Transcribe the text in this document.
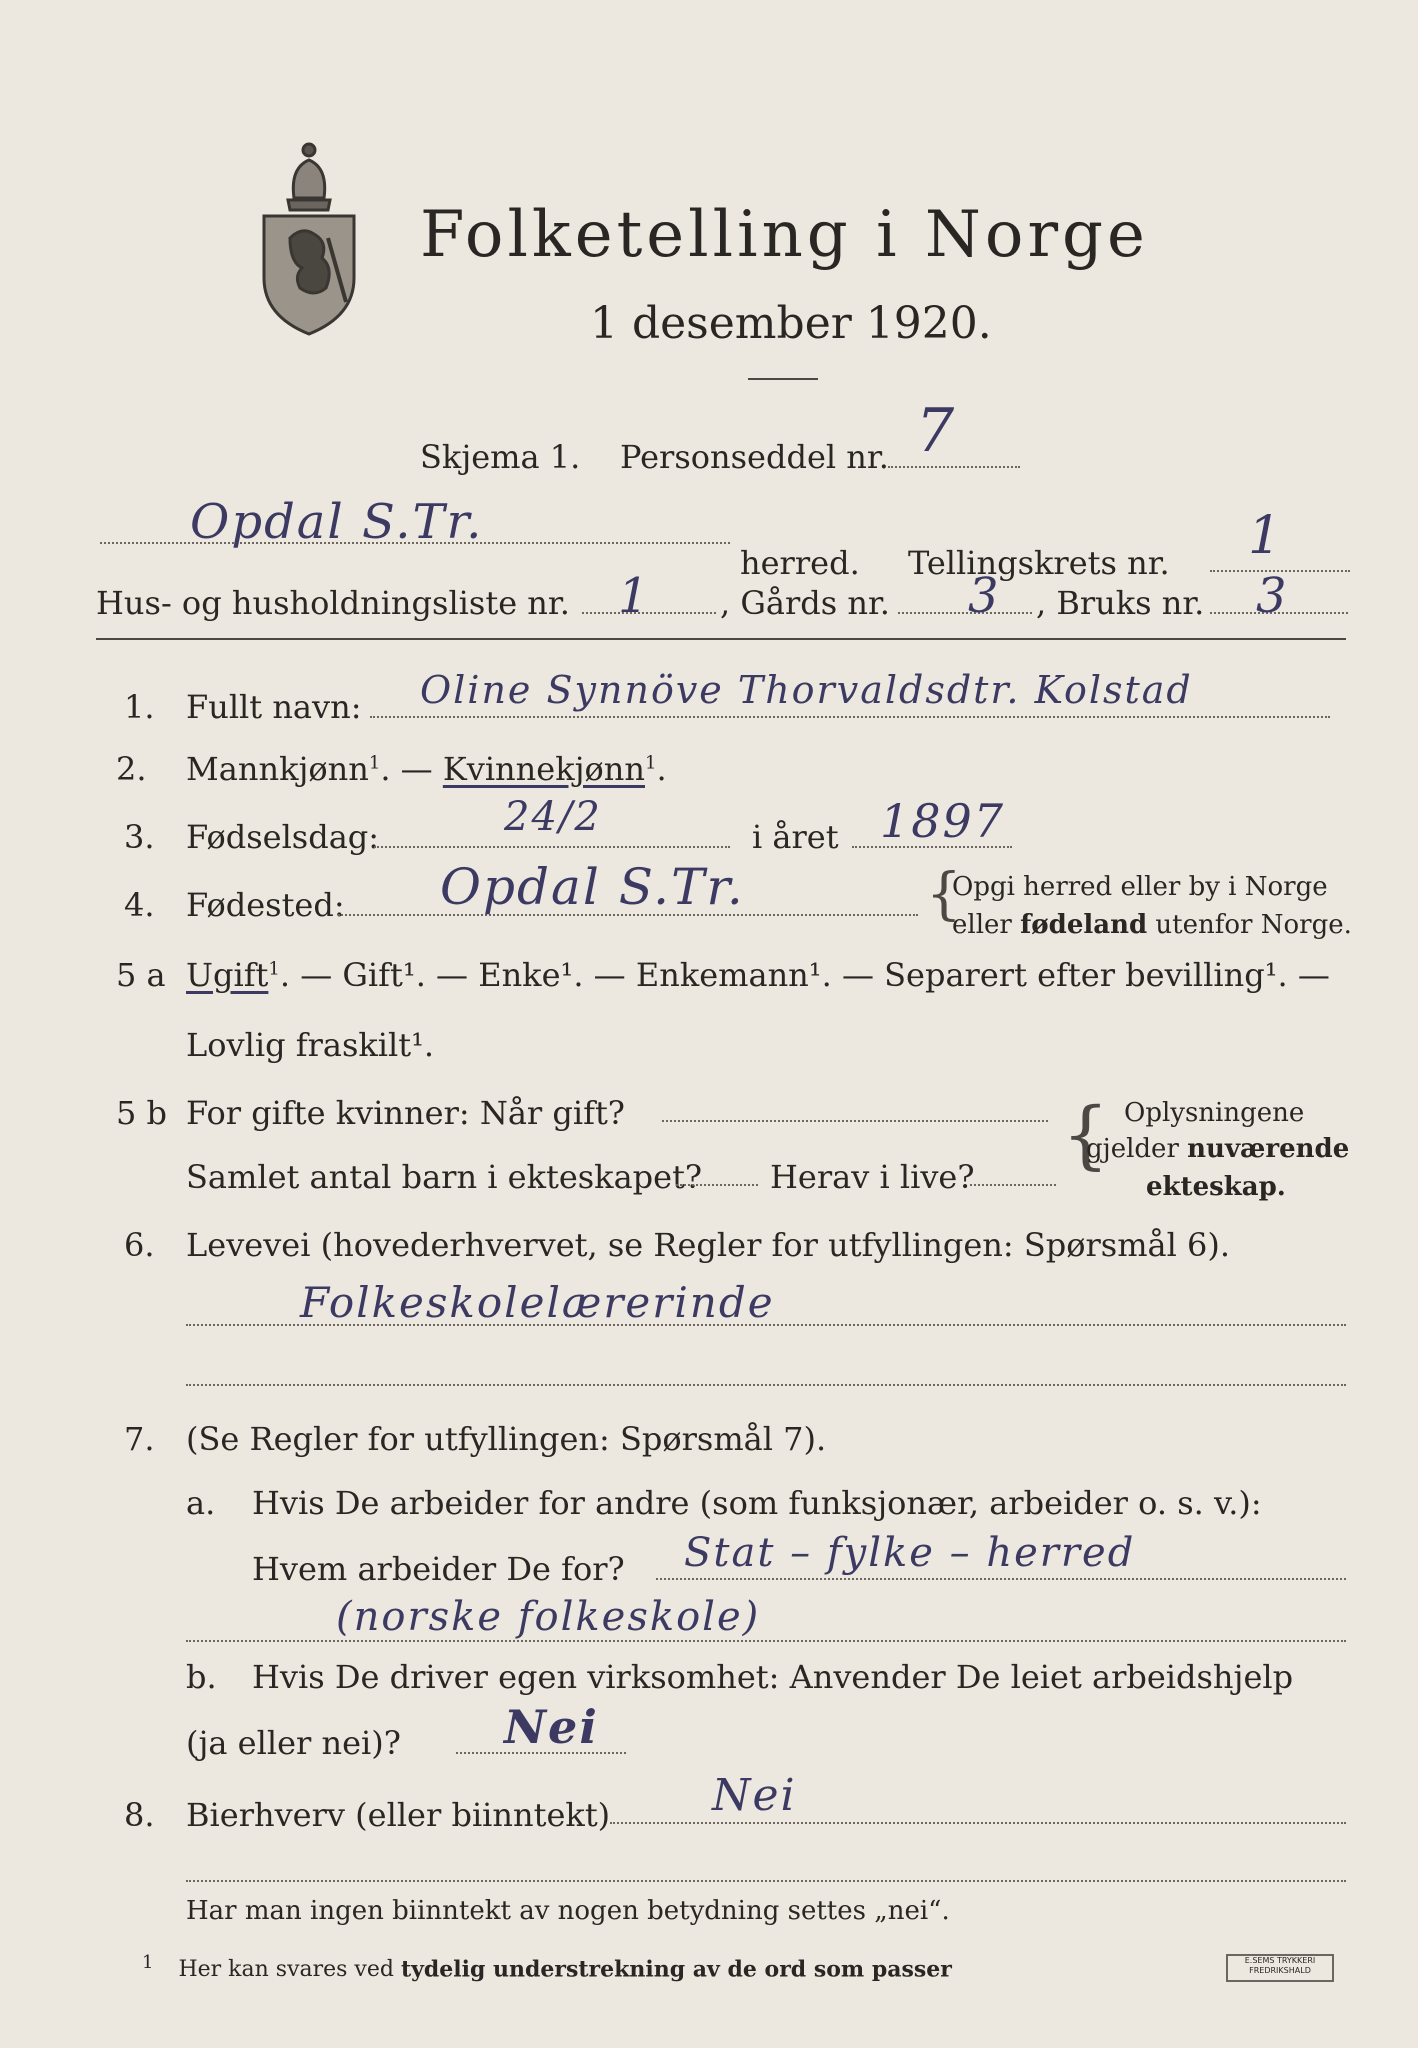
Folketelling i Norge
1 desember 1920.
Skjema 1. Personseddel nr. 7
Opdal S.Tr.
herred. Tellingskrets nr. 1
Hus- og husholdningsliste nr. 1 , Gårds nr. 3 , Bruks nr. 3
1. Fullt navn: Oline Synnöve Thorvaldsdtr. Kolstad
2. Mannkjønn$^1$. — Kvinnekjønn$^1$.
3. Fødselsdag:	24/2	i året 1897
4. Fødested: Opdal S.Tr.	{
Opgi herred eller by i Norge
eller fødeland utenfor Norge.
5 a Ugift$^1$. — Gift¹. — Enke¹. — Enkemann¹. — Separert efter bevilling¹. —
Lovlig fraskilt¹.
5 b For gifte kvinner: Når gift?
Samlet antal barn i ekteskapet? Herav i live? { Oplysningene
gjelder nuværende
ekteskap.
6. Levevei (hovederhvervet, se Regler for utfyllingen: Spørsmål 6).
Folkeskolelærerinde
7. (Se Regler for utfyllingen: Spørsmål 7).
a. Hvis De arbeider for andre (som funksjonær, arbeider o. s. v.):
Hvem arbeider De for? Stat – fylke – herred
(norske folkeskole)
b. Hvis De driver egen virksomhet: Anvender De leiet arbeidshjelp
(ja eller nei)? Nei
8. Bierhverv (eller biinntekt) Nei
Har man ingen biinntekt av nogen betydning settes „nei“.
$^1$ Her kan svares ved tydelig understrekning av de ord som passer	E.SEMS TRYKKERI
FREDRIKSHALD
